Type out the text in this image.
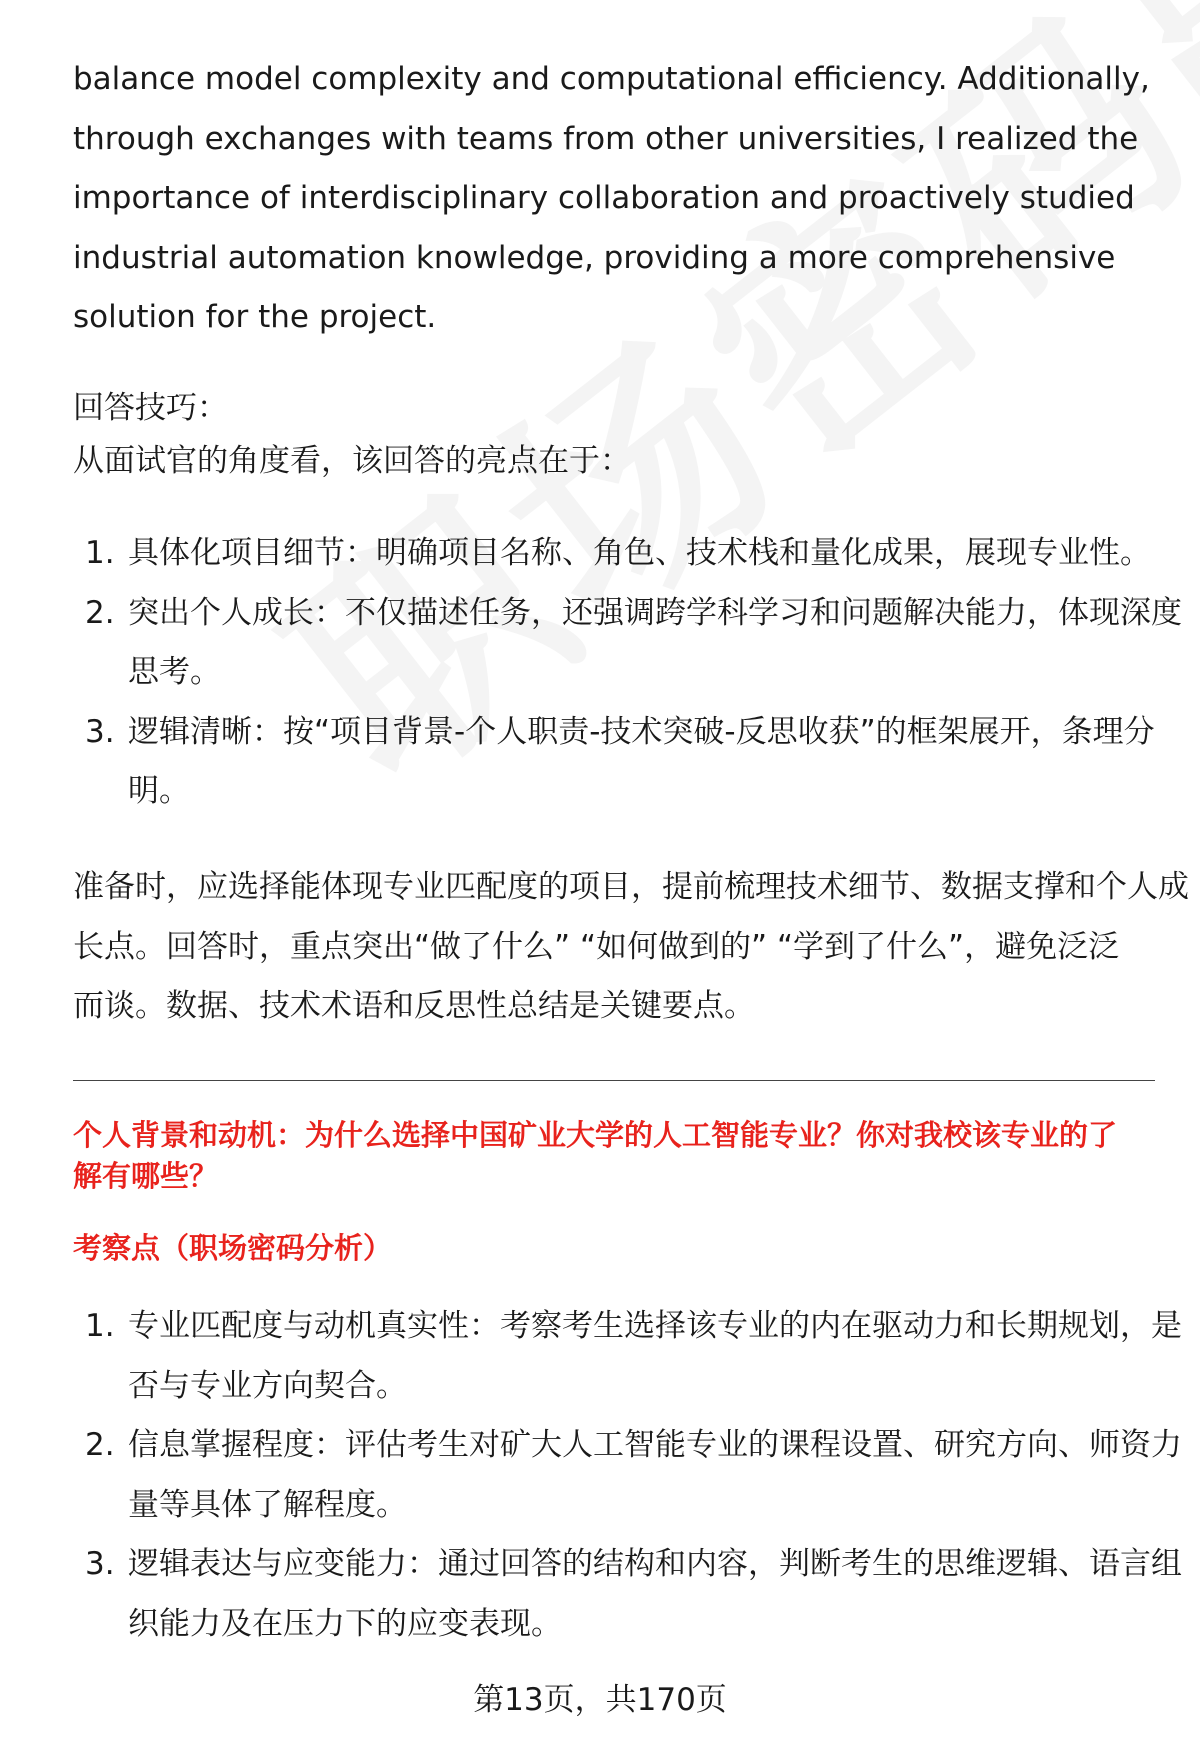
balance model complexity and computational efficiency. Additionally,
through exchanges with teams from other universities, I realized the
importance of interdisciplinary collaboration and proactively studied
industrial automation knowledge, providing a more comprehensive
solution for the project.

回答技巧：

从面试官的角度看，该回答的亮点在于：

1. 具体化项目细节：明确项目名称、角色、技术栈和量化成果，展现专业性。
2. 突出个人成长：不仅描述任务，还强调跨学科学习和问题解决能力，体现深度
思考。
3. 逻辑清晰：按“项目背景-个人职责-技术突破-反思收获”的框架展开，条理分
明。

准备时，应选择能体现专业匹配度的项目，提前梳理技术细节、数据支撑和个人成
长点。回答时，重点突出“做了什么” “如何做到的” “学到了什么”，避免泛泛
而谈。数据、技术术语和反思性总结是关键要点。

个人背景和动机：为什么选择中国矿业大学的人工智能专业？你对我校该专业的了
解有哪些？

考察点（职场密码分析）

1. 专业匹配度与动机真实性：考察考生选择该专业的内在驱动力和长期规划，是
否与专业方向契合。
2. 信息掌握程度：评估考生对矿大人工智能专业的课程设置、研究方向、师资力
量等具体了解程度。
3. 逻辑表达与应变能力：通过回答的结构和内容，判断考生的思维逻辑、语言组
织能力及在压力下的应变表现。
第13页，共170页
